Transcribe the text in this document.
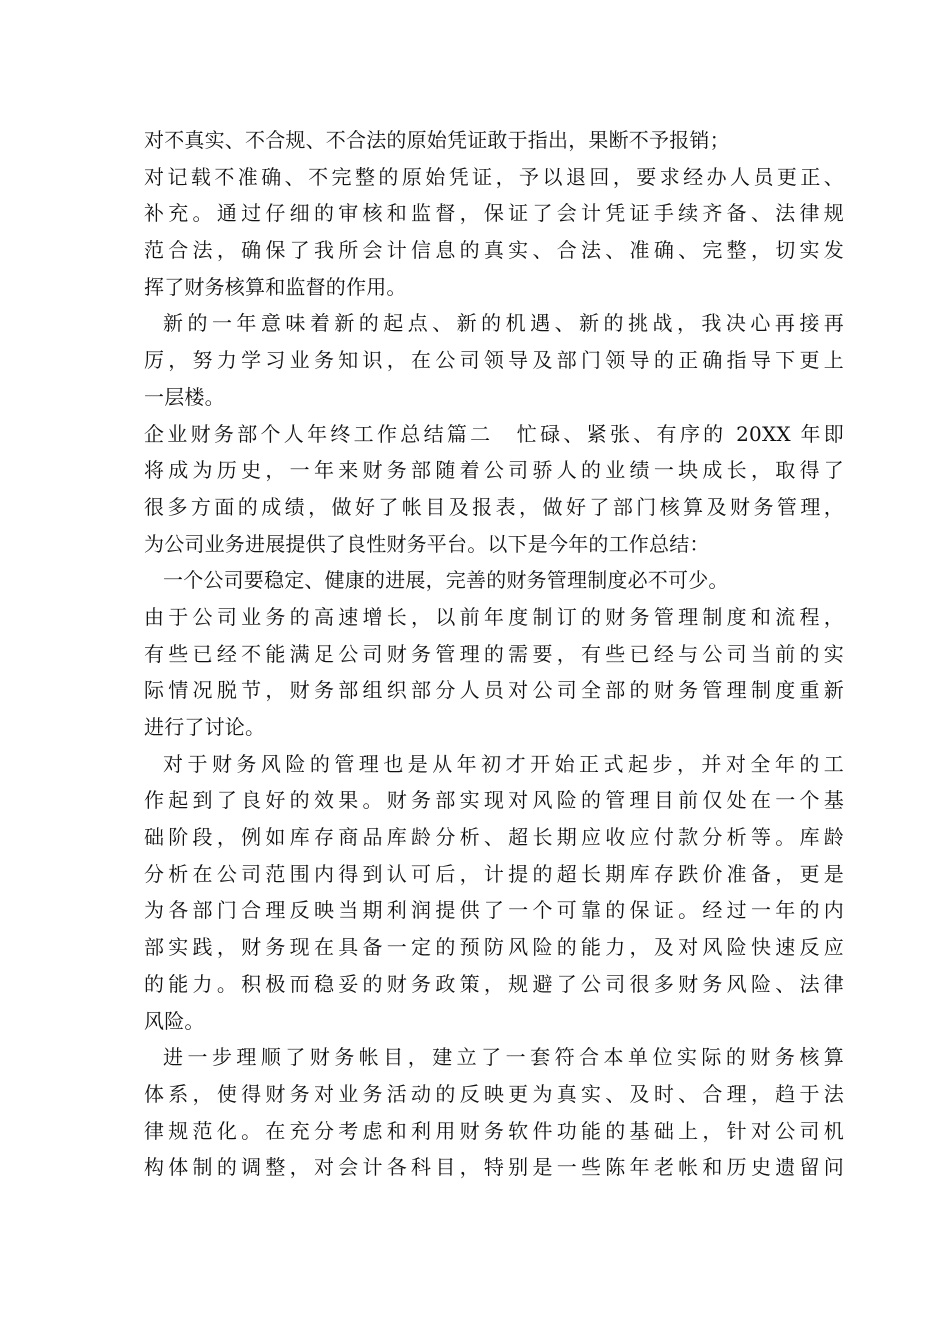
对不真实、不合规、不合法的原始凭证敢于指出，果断不予报销；
对记载不准确、不完整的原始凭证，予以退回，要求经办人员更正、
补充。通过仔细的审核和监督，保证了会计凭证手续齐备、法律规
范合法，确保了我所会计信息的真实、合法、准确、完整，切实发
挥了财务核算和监督的作用。
新的一年意味着新的起点、新的机遇、新的挑战，我决心再接再
厉，努力学习业务知识，在公司领导及部门领导的正确指导下更上
一层楼。
企业财务部个人年终工作总结篇二　忙碌、紧张、有序的 20XX 年即
将成为历史，一年来财务部随着公司骄人的业绩一块成长，取得了
很多方面的成绩，做好了帐目及报表，做好了部门核算及财务管理，
为公司业务进展提供了良性财务平台。以下是今年的工作总结：
一个公司要稳定、健康的进展，完善的财务管理制度必不可少。
由于公司业务的高速增长，以前年度制订的财务管理制度和流程，
有些已经不能满足公司财务管理的需要，有些已经与公司当前的实
际情况脱节，财务部组织部分人员对公司全部的财务管理制度重新
进行了讨论。
对于财务风险的管理也是从年初才开始正式起步，并对全年的工
作起到了良好的效果。财务部实现对风险的管理目前仅处在一个基
础阶段，例如库存商品库龄分析、超长期应收应付款分析等。库龄
分析在公司范围内得到认可后，计提的超长期库存跌价准备，更是
为各部门合理反映当期利润提供了一个可靠的保证。经过一年的内
部实践，财务现在具备一定的预防风险的能力，及对风险快速反应
的能力。积极而稳妥的财务政策，规避了公司很多财务风险、法律
风险。
进一步理顺了财务帐目，建立了一套符合本单位实际的财务核算
体系，使得财务对业务活动的反映更为真实、及时、合理，趋于法
律规范化。在充分考虑和利用财务软件功能的基础上，针对公司机
构体制的调整，对会计各科目，特别是一些陈年老帐和历史遗留问
